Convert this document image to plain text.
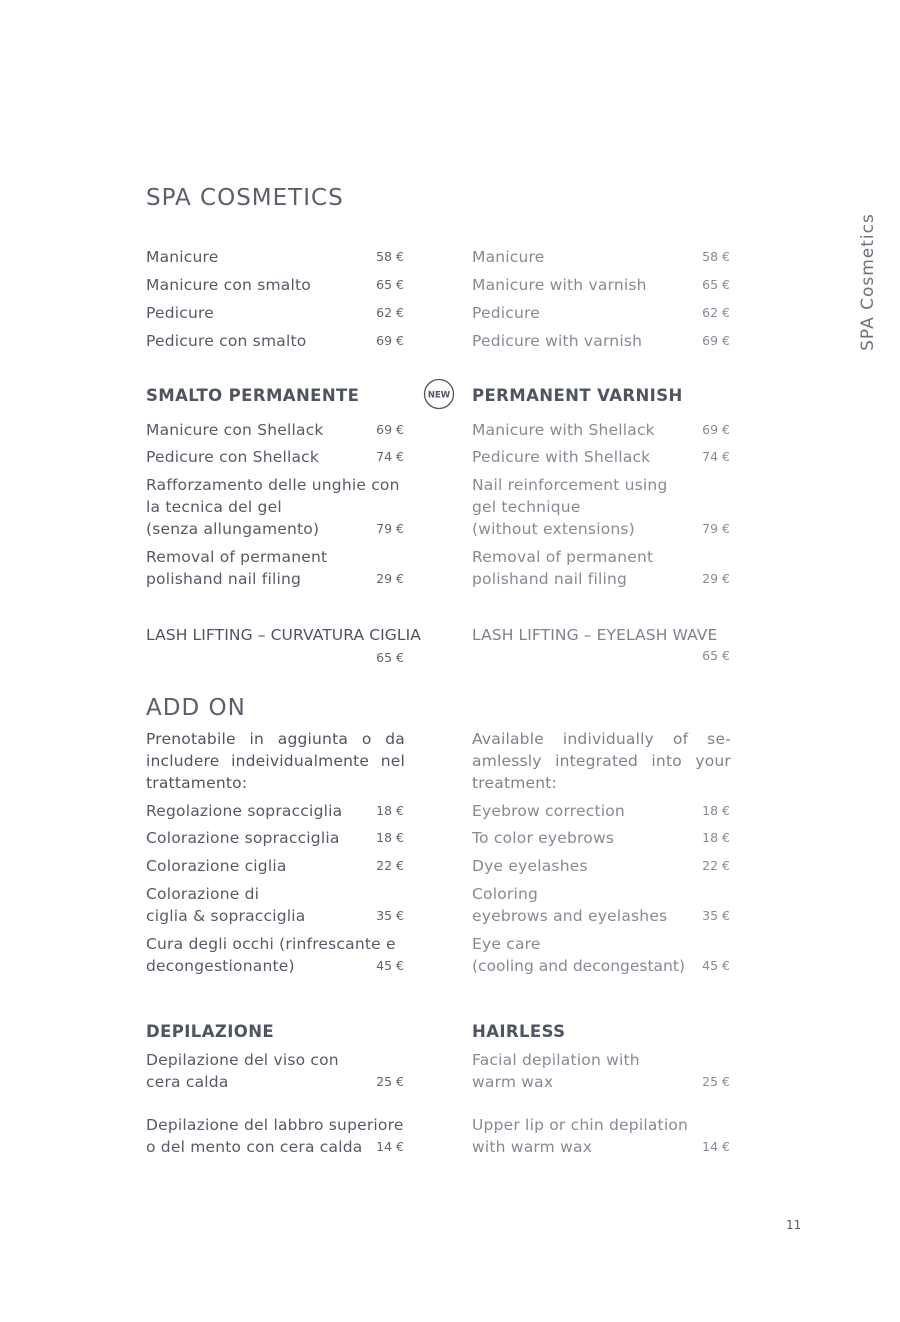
SPA COSMETICS
SPA Cosmetics
Manicure	58 €
Manicure con smalto	65 €
Pedicure	62 €
Pedicure con smalto	69 €
Manicure	58 €
Manicure with varnish	65 €
Pedicure	62 €
Pedicure with varnish	69 €
SMALTO PERMANENTE	NEW PERMANENT VARNISH
Manicure con Shellack	69 €
Pedicure con Shellack	74 €
Rafforzamento delle unghie con
la tecnica del gel
(senza allungamento)	79 €
Removal of permanent
polishand nail filing	29 €
Manicure with Shellack	69 €
Pedicure with Shellack	74 €
Nail reinforcement using
gel technique
(without extensions)	79 €
Removal of permanent
polishand nail filing	29 €
LASH LIFTING – CURVATURA CIGLIA
65 €
LASH LIFTING – EYELASH WAVE
65 €
ADD ON
Prenotabile in aggiunta o da includere indeividualmente nel trattamento:
Available individually of se-amlessly integrated into your treatment:
Regolazione sopracciglia	18 €
Colorazione sopracciglia	18 €
Colorazione ciglia	22 €
Colorazione di
ciglia & sopracciglia	35 €
Cura degli occhi (rinfrescante e
decongestionante)	45 €
Eyebrow correction	18 €
To color eyebrows	18 €
Dye eyelashes	22 €
Coloring
eyebrows and eyelashes	35 €
Eye care
(cooling and decongestant)	45 €
DEPILAZIONE	HAIRLESS
Depilazione del viso con
cera calda	25 €
Depilazione del labbro superiore
o del mento con cera calda	14 €
Facial depilation with
warm wax	25 €
Upper lip or chin depilation
with warm wax	14 €
11
